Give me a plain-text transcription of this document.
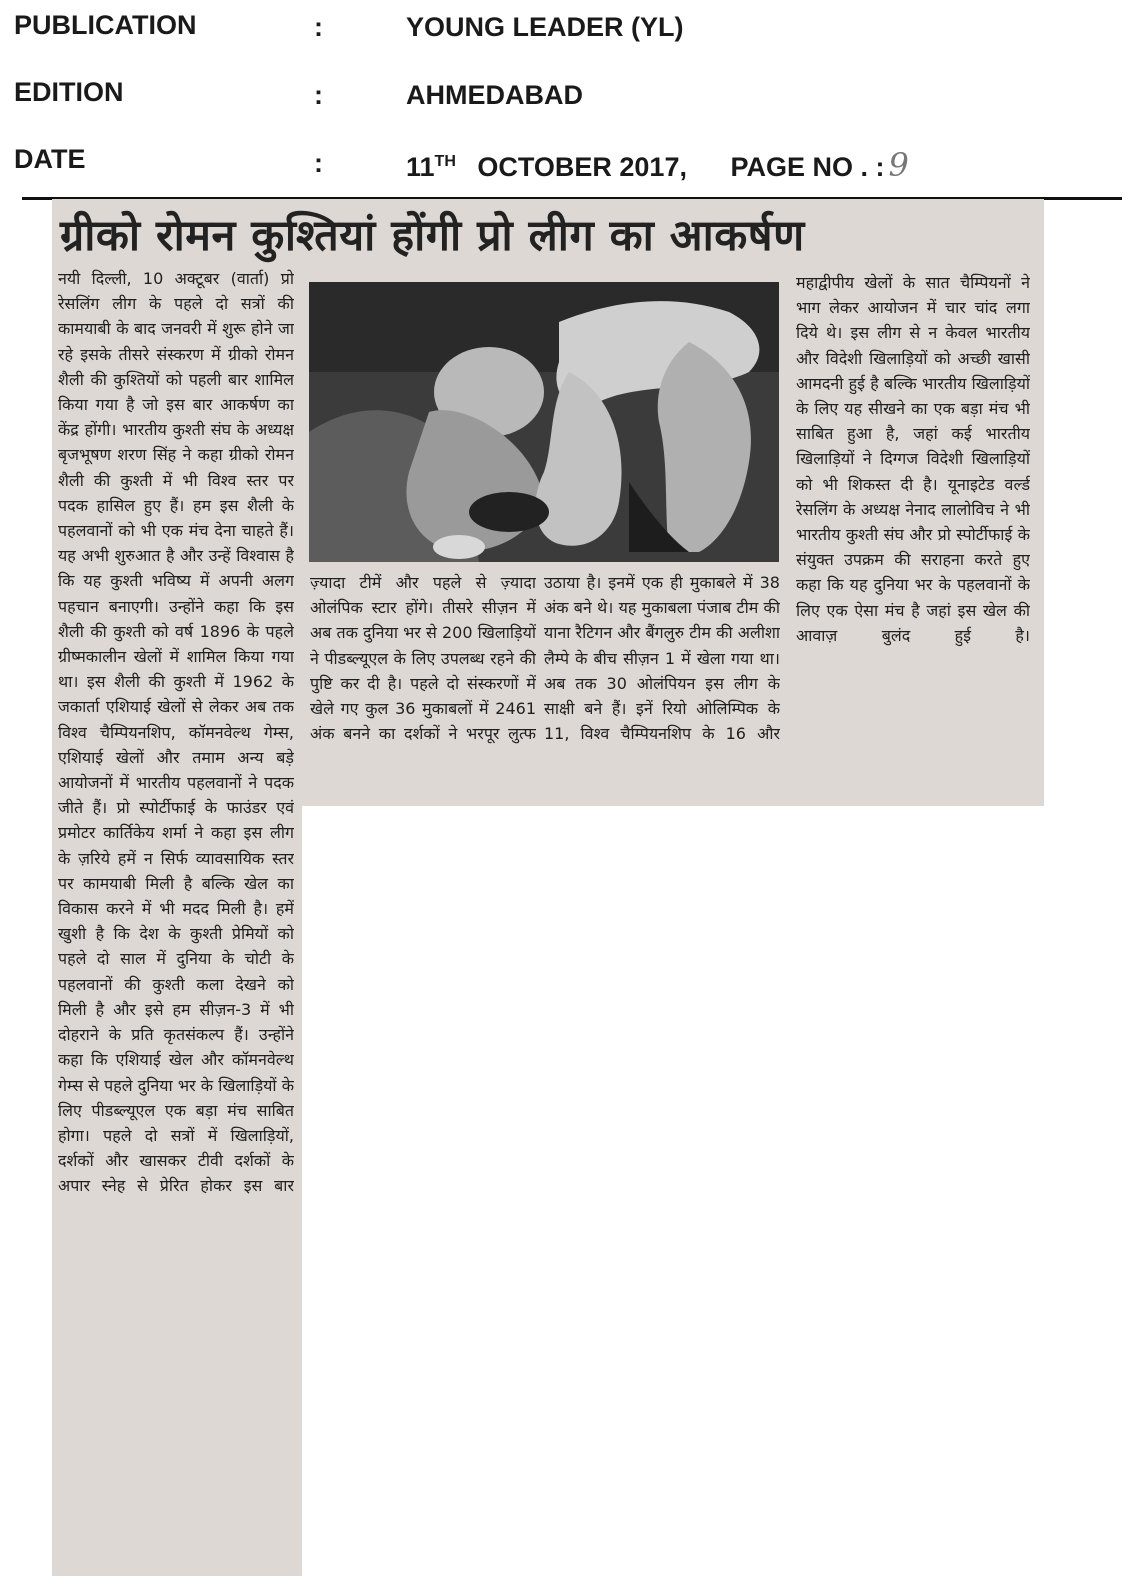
PUBLICATION	:	YOUNG LEADER (YL)
EDITION	:	AHMEDABAD
DATE	:	11TH OCTOBER 2017, PAGE NO . : 9
ग्रीको रोमन कुश्तियां होंगी प्रो लीग का आकर्षण
नयी दिल्ली, 10 अक्टूबर (वार्ता) प्रो रेसलिंग लीग के पहले दो सत्रों की कामयाबी के बाद जनवरी में शुरू होने जा रहे इसके तीसरे संस्करण में ग्रीको रोमन शैली की कुश्तियों को पहली बार शामिल किया गया है जो इस बार आकर्षण का केंद्र होंगी। भारतीय कुश्ती संघ के अध्यक्ष बृजभूषण शरण सिंह ने कहा ग्रीको रोमन शैली की कुश्ती में भी विश्व स्तर पर पदक हासिल हुए हैं। हम इस शैली के पहलवानों को भी एक मंच देना चाहते हैं। यह अभी शुरुआत है और उन्हें विश्वास है कि यह कुश्ती भविष्य में अपनी अलग पहचान बनाएगी। उन्होंने कहा कि इस शैली की कुश्ती को वर्ष 1896 के पहले ग्रीष्मकालीन खेलों में शामिल किया गया था। इस शैली की कुश्ती में 1962 के जकार्ता एशियाई खेलों से लेकर अब तक विश्व चैम्पियनशिप, कॉमनवेल्थ गेम्स, एशियाई खेलों और तमाम अन्य बड़े आयोजनों में भारतीय पहलवानों ने पदक जीते हैं। प्रो स्पोर्टीफाई के फाउंडर एवं प्रमोटर कार्तिकेय शर्मा ने कहा इस लीग के ज़रिये हमें न सिर्फ व्यावसायिक स्तर पर कामयाबी मिली है बल्कि खेल का विकास करने में भी मदद मिली है। हमें खुशी है कि देश के कुश्ती प्रेमियों को पहले दो साल में दुनिया के चोटी के पहलवानों की कुश्ती कला देखने को मिली है और इसे हम सीज़न-3 में भी दोहराने के प्रति कृतसंकल्प हैं। उन्होंने कहा कि एशियाई खेल और कॉमनवेल्थ गेम्स से पहले दुनिया भर के खिलाड़ियों के लिए पीडब्ल्यूएल एक बड़ा मंच साबित होगा। पहले दो सत्रों में खिलाड़ियों, दर्शकों और खासकर टीवी दर्शकों के अपार स्नेह से प्रेरित होकर इस बार
ज़्यादा टीमें और पहले से ज़्यादा ओलंपिक स्टार होंगे। तीसरे सीज़न में अब तक दुनिया भर से 200 खिलाड़ियों ने पीडब्ल्यूएल के लिए उपलब्ध रहने की पुष्टि कर दी है। पहले दो संस्करणों में खेले गए कुल 36 मुकाबलों में 2461 अंक बनने का दर्शकों ने भरपूर लुत्फ
उठाया है। इनमें एक ही मुकाबले में 38 अंक बने थे। यह मुकाबला पंजाब टीम की याना रैटिगन और बैंगलुरु टीम की अलीशा लैम्पे के बीच सीज़न 1 में खेला गया था। अब तक 30 ओलंपियन इस लीग के साक्षी बने हैं। इनें रियो ओलिम्पिक के 11, विश्व चैम्पियनशिप के 16 और
महाद्वीपीय खेलों के सात चैम्पियनों ने भाग लेकर आयोजन में चार चांद लगा दिये थे। इस लीग से न केवल भारतीय और विदेशी खिलाड़ियों को अच्छी खासी आमदनी हुई है बल्कि भारतीय खिलाड़ियों के लिए यह सीखने का एक बड़ा मंच भी साबित हुआ है, जहां कई भारतीय खिलाड़ियों ने दिग्गज विदेशी खिलाड़ियों को भी शिकस्त दी है। यूनाइटेड वर्ल्ड रेसलिंग के अध्यक्ष नेनाद लालोविच ने भी भारतीय कुश्ती संघ और प्रो स्पोर्टीफाई के संयुक्त उपक्रम की सराहना करते हुए कहा कि यह दुनिया भर के पहलवानों के लिए एक ऐसा मंच है जहां इस खेल की आवाज़ बुलंद हुई है।
